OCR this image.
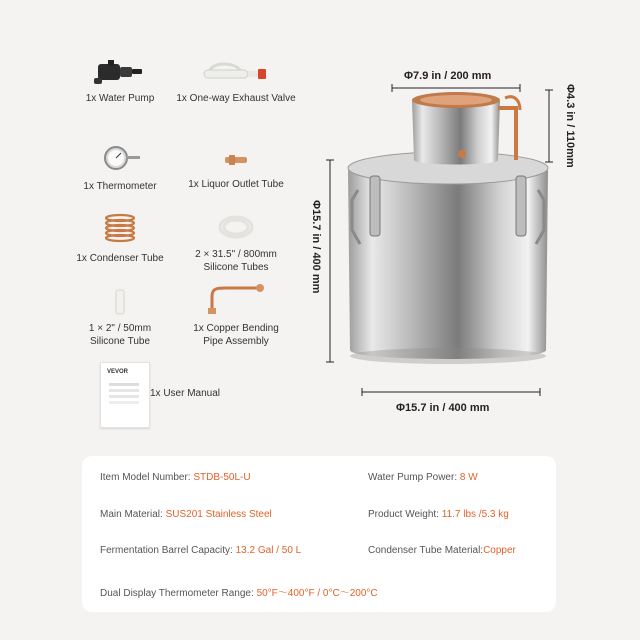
1x Water Pump
1x Thermometer
1x Condenser Tube
1 × 2" / 50mm
Silicone Tube
1x One-way Exhaust Valve
1x Liquor Outlet Tube
2 × 31.5" / 800mm
Silicone Tubes
1x Copper Bending
Pipe Assembly
VEVOR
1x User Manual
Φ7.9 in / 200 mm
Φ4.3 in / 110mm
Φ15.7 in / 400 mm
Φ15.7 in / 400 mm
Item Model Number: STDB-50L-U	Water Pump Power: 8 W
Main Material: SUS201 Stainless Steel	Product Weight: 11.7 lbs /5.3 kg
Fermentation Barrel Capacity: 13.2 Gal / 50 L	Condenser Tube Material:Copper
Dual Display Thermometer Range: 50°F～400°F / 0°C～200°C
